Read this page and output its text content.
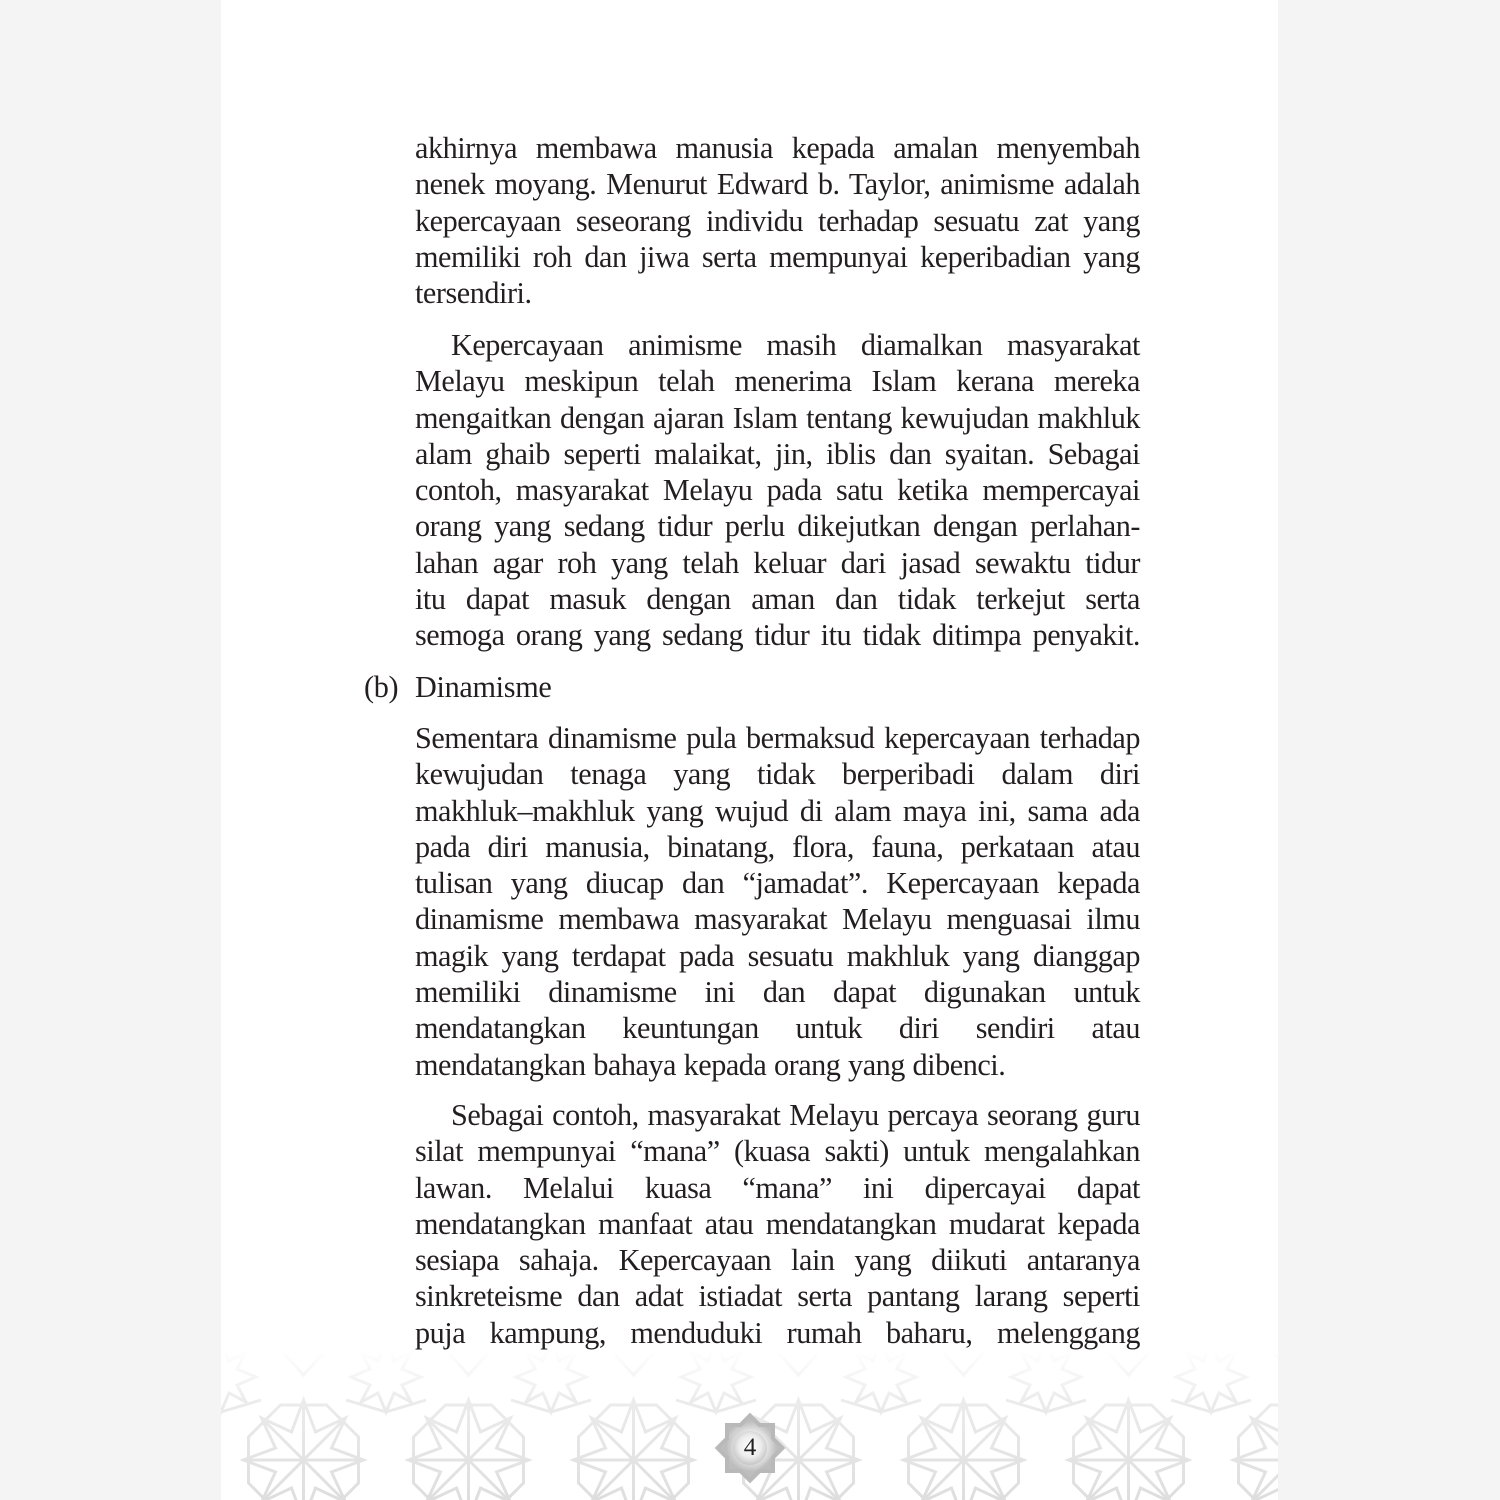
akhirnya membawa manusia kepada amalan menyembah
nenek moyang. Menurut Edward b. Taylor, animisme adalah
kepercayaan seseorang individu terhadap sesuatu zat yang
memiliki roh dan jiwa serta mempunyai keperibadian yang
tersendiri.
Kepercayaan animisme masih diamalkan masyarakat
Melayu meskipun telah menerima Islam kerana mereka
mengaitkan dengan ajaran Islam tentang kewujudan makhluk
alam ghaib seperti malaikat, jin, iblis dan syaitan. Sebagai
contoh, masyarakat Melayu pada satu ketika mempercayai
orang yang sedang tidur perlu dikejutkan dengan perlahan-
lahan agar roh yang telah keluar dari jasad sewaktu tidur
itu dapat masuk dengan aman dan tidak terkejut serta
semoga orang yang sedang tidur itu tidak ditimpa penyakit.
(b) Dinamisme
Sementara dinamisme pula bermaksud kepercayaan terhadap
kewujudan tenaga yang tidak berperibadi dalam diri
makhluk–makhluk yang wujud di alam maya ini, sama ada
pada diri manusia, binatang, flora, fauna, perkataan atau
tulisan yang diucap dan “jamadat”. Kepercayaan kepada
dinamisme membawa masyarakat Melayu menguasai ilmu
magik yang terdapat pada sesuatu makhluk yang dianggap
memiliki dinamisme ini dan dapat digunakan untuk
mendatangkan keuntungan untuk diri sendiri atau
mendatangkan bahaya kepada orang yang dibenci.
Sebagai contoh, masyarakat Melayu percaya seorang guru
silat mempunyai “mana” (kuasa sakti) untuk mengalahkan
lawan. Melalui kuasa “mana” ini dipercayai dapat
mendatangkan manfaat atau mendatangkan mudarat kepada
sesiapa sahaja. Kepercayaan lain yang diikuti antaranya
sinkreteisme dan adat istiadat serta pantang larang seperti
puja kampung, menduduki rumah baharu, melenggang
4
